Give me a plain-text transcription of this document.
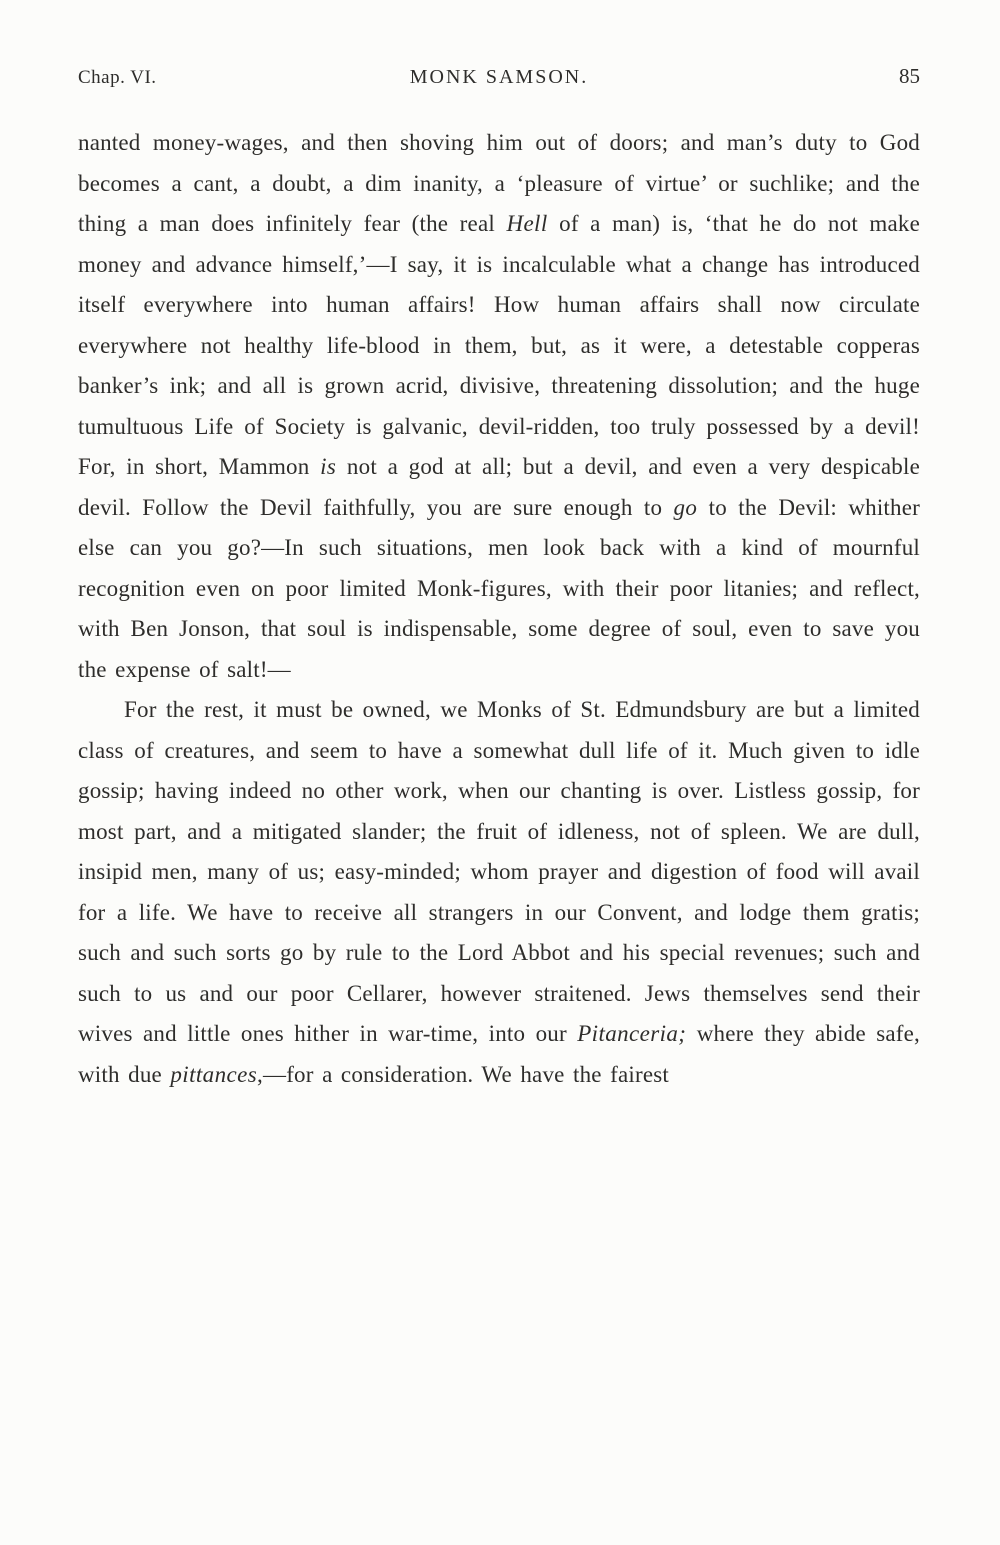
Chap. VI.	MONK SAMSON.	85

nanted money-wages, and then shoving him out of doors; and man’s duty to God becomes a cant, a doubt, a dim inanity, a ‘pleasure of virtue’ or suchlike; and the thing a man does infinitely fear (the real Hell of a man) is, ‘that he do not make money and advance himself,’—I say, it is incalculable what a change has introduced itself everywhere into human affairs! How human affairs shall now circulate everywhere not healthy life-blood in them, but, as it were, a detestable copperas banker’s ink; and all is grown acrid, divisive, threatening dissolution; and the huge tumultuous Life of Society is galvanic, devil-ridden, too truly possessed by a devil! For, in short, Mammon is not a god at all; but a devil, and even a very despicable devil. Follow the Devil faithfully, you are sure enough to go to the Devil: whither else can you go?—In such situations, men look back with a kind of mournful recognition even on poor limited Monk-figures, with their poor litanies; and reflect, with Ben Jonson, that soul is indispensable, some degree of soul, even to save you the expense of salt!—

For the rest, it must be owned, we Monks of St. Edmundsbury are but a limited class of creatures, and seem to have a somewhat dull life of it. Much given to idle gossip; having indeed no other work, when our chanting is over. Listless gossip, for most part, and a mitigated slander; the fruit of idleness, not of spleen. We are dull, insipid men, many of us; easy-minded; whom prayer and digestion of food will avail for a life. We have to receive all strangers in our Convent, and lodge them gratis; such and such sorts go by rule to the Lord Abbot and his special revenues; such and such to us and our poor Cellarer, however straitened. Jews themselves send their wives and little ones hither in war-time, into our Pitanceria; where they abide safe, with due pittances,—for a consideration. We have the fairest
